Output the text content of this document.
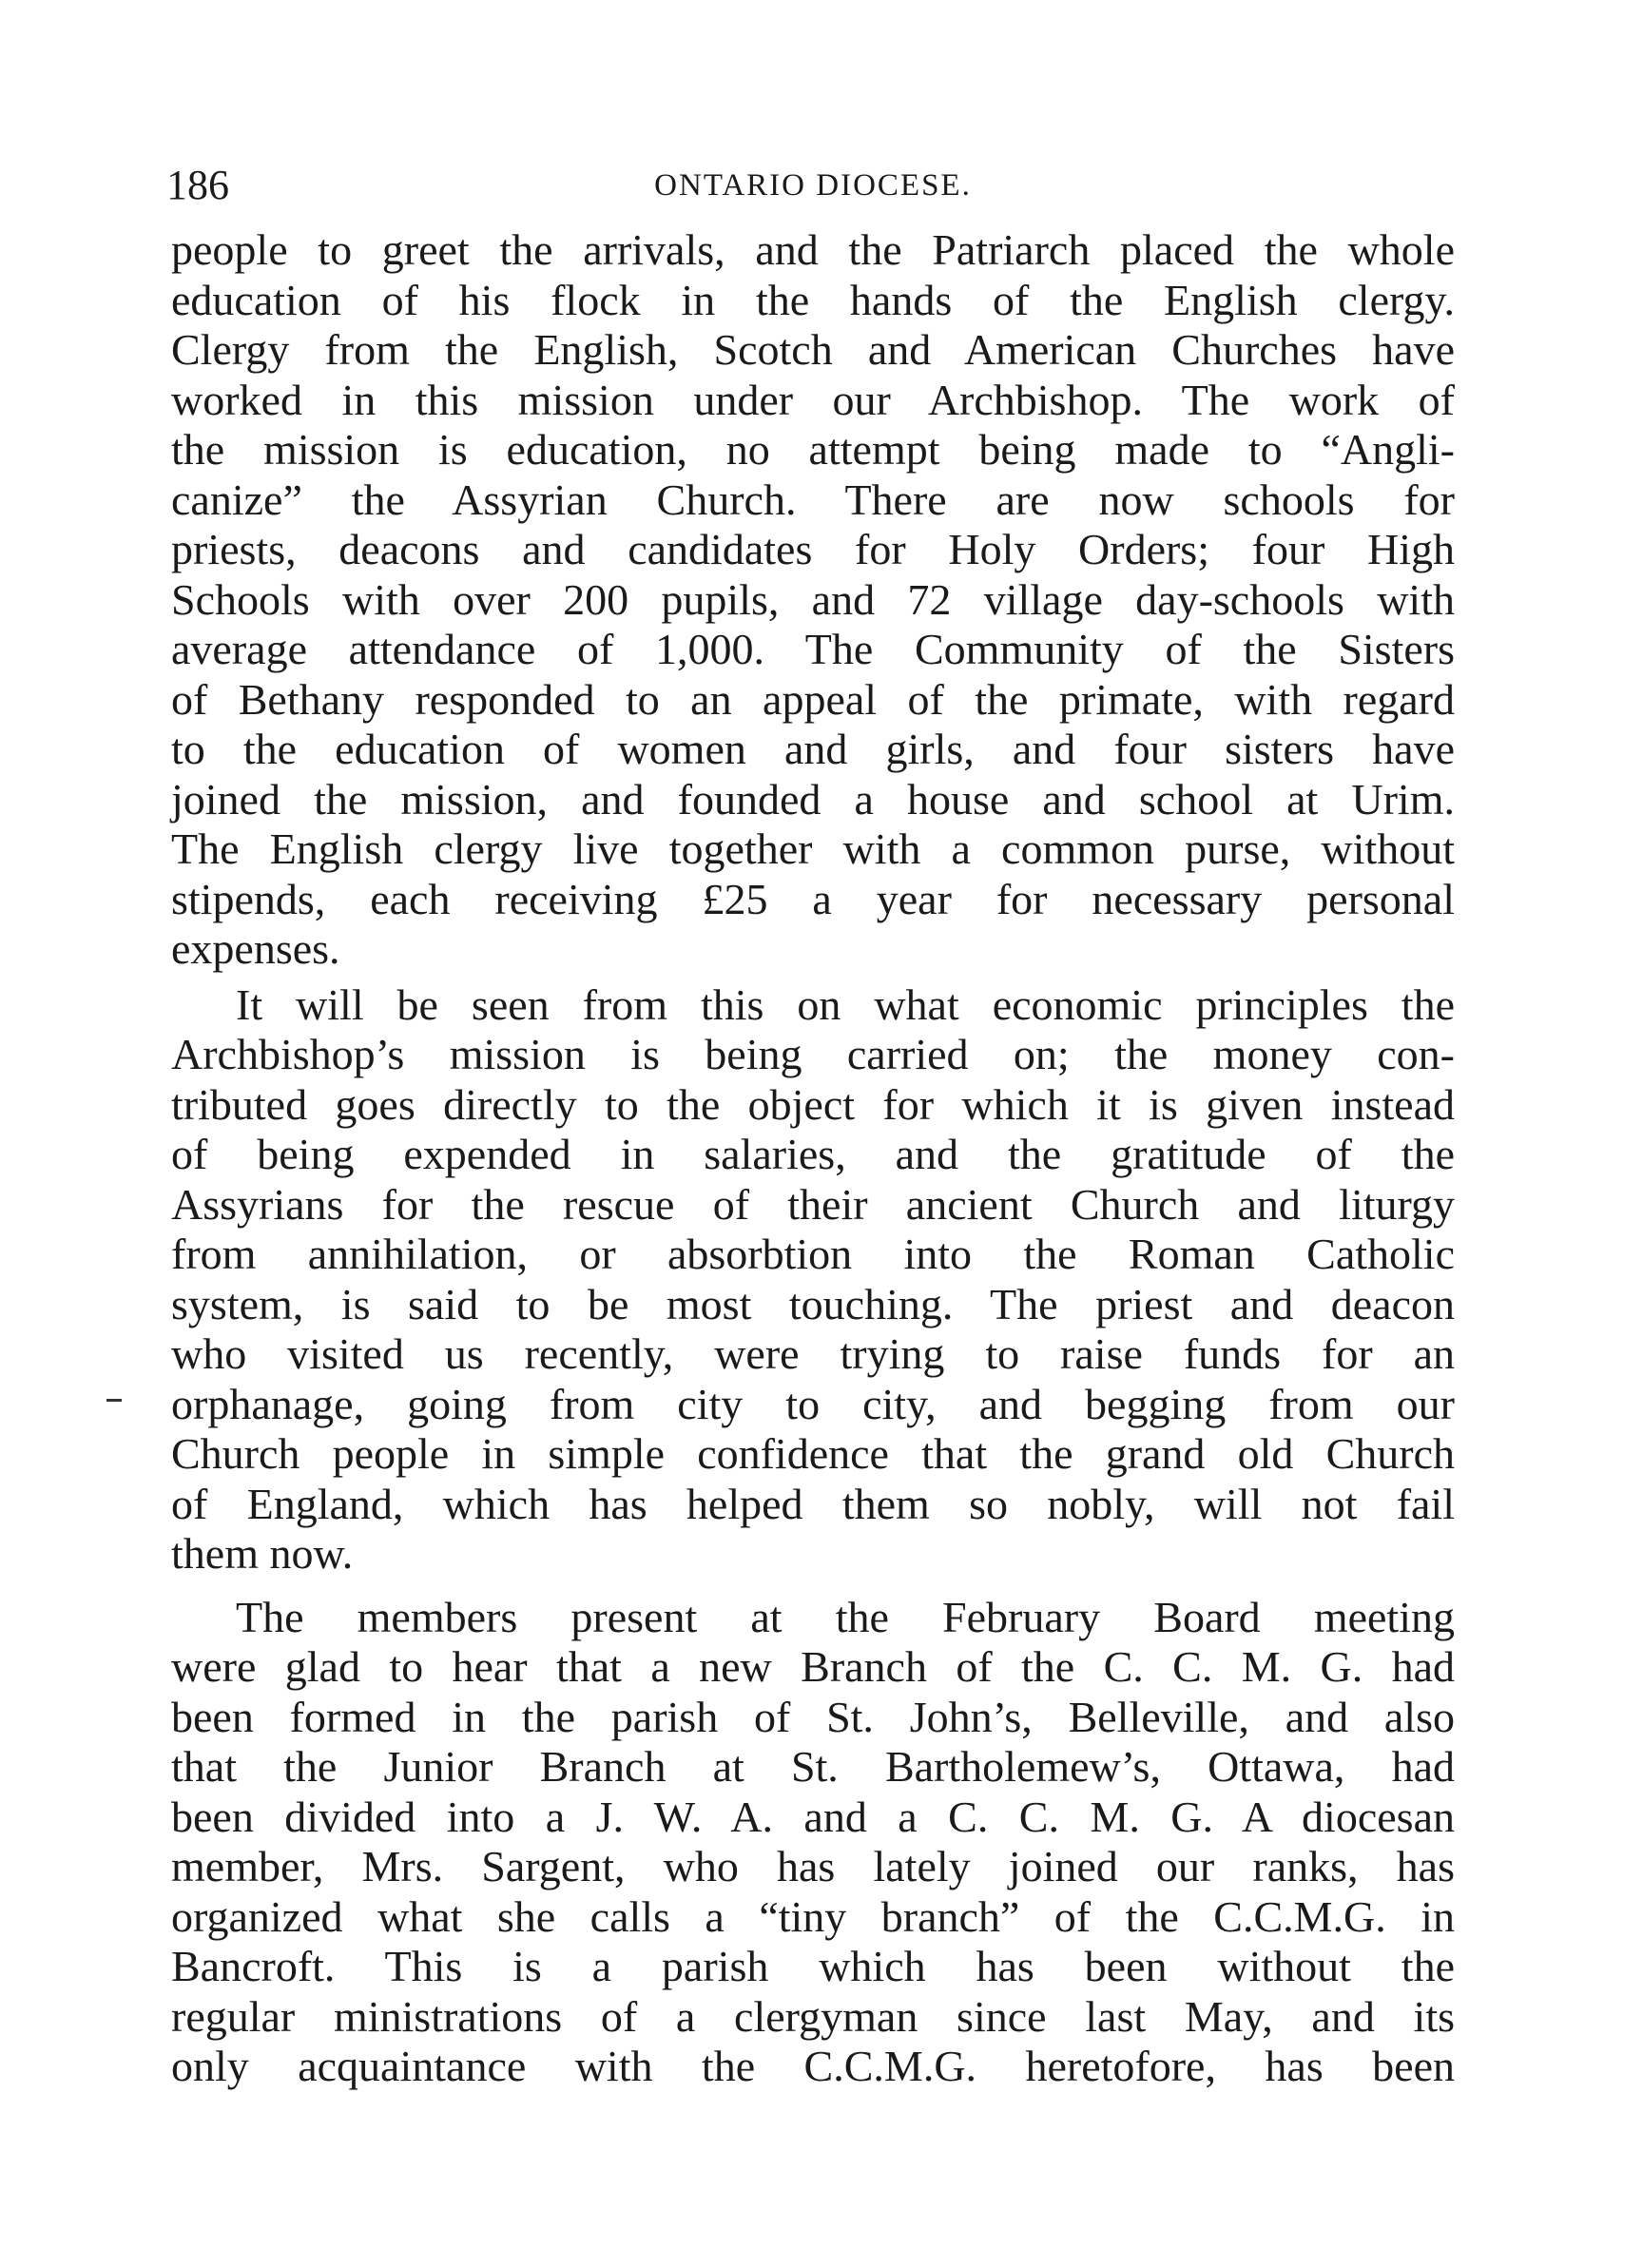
186	ONTARIO DIOCESE.
people to greet the arrivals, and the Patriarch placed the whole
education of his flock in the hands of the English clergy.
Clergy from the English, Scotch and American Churches have
worked in this mission under our Archbishop. The work of
the mission is education, no attempt being made to “Angli-
canize” the Assyrian Church. There are now schools for
priests, deacons and candidates for Holy Orders; four High
Schools with over 200 pupils, and 72 village day-schools with
average attendance of 1,000. The Community of the Sisters
of Bethany responded to an appeal of the primate, with regard
to the education of women and girls, and four sisters have
joined the mission, and founded a house and school at Urim.
The English clergy live together with a common purse, without
stipends, each receiving £25 a year for necessary personal
expenses.
It will be seen from this on what economic principles the
Archbishop’s mission is being carried on; the money con-
tributed goes directly to the object for which it is given instead
of being expended in salaries, and the gratitude of the
Assyrians for the rescue of their ancient Church and liturgy
from annihilation, or absorbtion into the Roman Catholic
system, is said to be most touching. The priest and deacon
who visited us recently, were trying to raise funds for an
orphanage, going from city to city, and begging from our
Church people in simple confidence that the grand old Church
of England, which has helped them so nobly, will not fail
them now.
The members present at the February Board meeting
were glad to hear that a new Branch of the C. C. M. G. had
been formed in the parish of St. John’s, Belleville, and also
that the Junior Branch at St. Bartholemew’s, Ottawa, had
been divided into a J. W. A. and a C. C. M. G. A diocesan
member, Mrs. Sargent, who has lately joined our ranks, has
organized what she calls a “tiny branch” of the C.C.M.G. in
Bancroft. This is a parish which has been without the
regular ministrations of a clergyman since last May, and its
only acquaintance with the C.C.M.G. heretofore, has been
